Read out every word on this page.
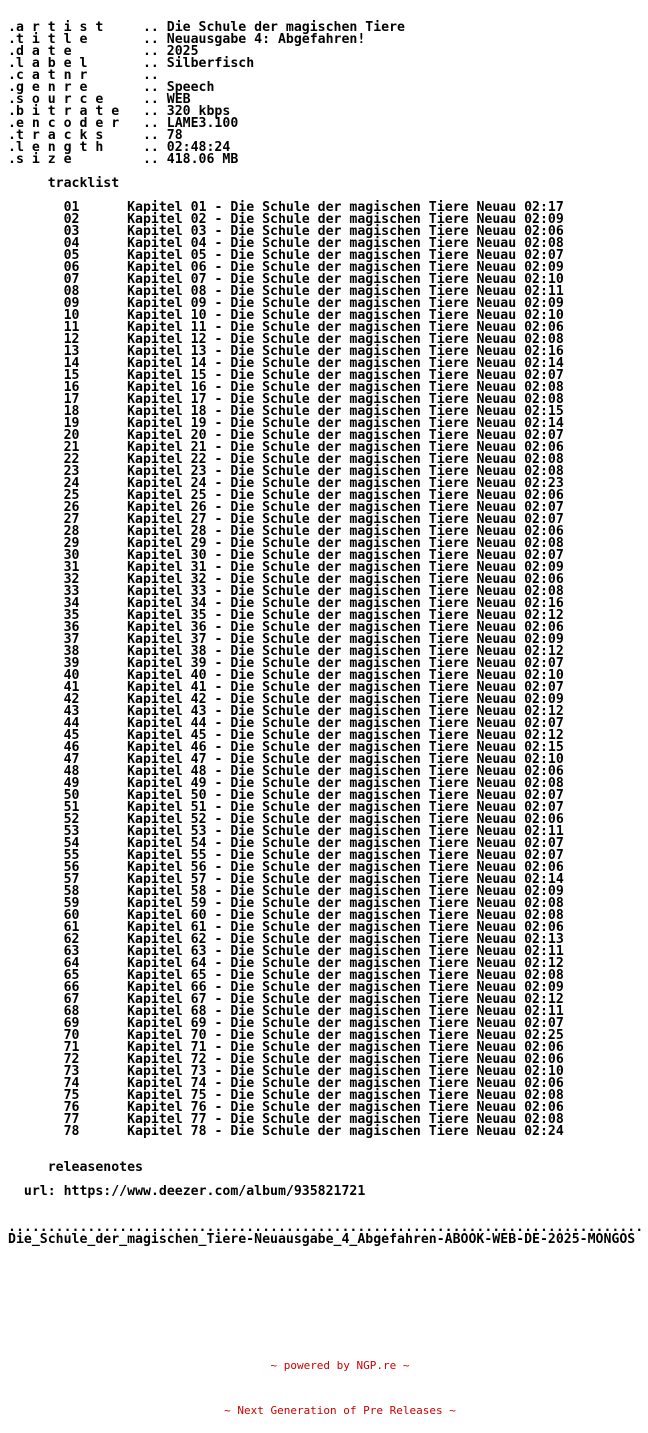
.a r t i s t     .. Die Schule der magischen Tiere
.t i t l e       .. Neuausgabe 4: Abgefahren!
.d a t e         .. 2025
.l a b e l       .. Silberfisch
.c a t n r       ..
.g e n r e       .. Speech
.s o u r c e     .. WEB
.b i t r a t e   .. 320 kbps
.e n c o d e r   .. LAME3.100
.t r a c k s     .. 78
.l e n g t h     .. 02:48:24
.s i z e         .. 418.06 MB

tracklist

01	Kapitel 01 - Die Schule der magischen Tiere Neuau 02:17
02	Kapitel 02 - Die Schule der magischen Tiere Neuau 02:09
03	Kapitel 03 - Die Schule der magischen Tiere Neuau 02:06
04	Kapitel 04 - Die Schule der magischen Tiere Neuau 02:08
05	Kapitel 05 - Die Schule der magischen Tiere Neuau 02:07
06	Kapitel 06 - Die Schule der magischen Tiere Neuau 02:09
07	Kapitel 07 - Die Schule der magischen Tiere Neuau 02:10
08	Kapitel 08 - Die Schule der magischen Tiere Neuau 02:11
09	Kapitel 09 - Die Schule der magischen Tiere Neuau 02:09
10	Kapitel 10 - Die Schule der magischen Tiere Neuau 02:10
11	Kapitel 11 - Die Schule der magischen Tiere Neuau 02:06
12	Kapitel 12 - Die Schule der magischen Tiere Neuau 02:08
13	Kapitel 13 - Die Schule der magischen Tiere Neuau 02:16
14	Kapitel 14 - Die Schule der magischen Tiere Neuau 02:14
15	Kapitel 15 - Die Schule der magischen Tiere Neuau 02:07
16	Kapitel 16 - Die Schule der magischen Tiere Neuau 02:08
17	Kapitel 17 - Die Schule der magischen Tiere Neuau 02:08
18	Kapitel 18 - Die Schule der magischen Tiere Neuau 02:15
19	Kapitel 19 - Die Schule der magischen Tiere Neuau 02:14
20	Kapitel 20 - Die Schule der magischen Tiere Neuau 02:07
21	Kapitel 21 - Die Schule der magischen Tiere Neuau 02:06
22	Kapitel 22 - Die Schule der magischen Tiere Neuau 02:08
23	Kapitel 23 - Die Schule der magischen Tiere Neuau 02:08
24	Kapitel 24 - Die Schule der magischen Tiere Neuau 02:23
25	Kapitel 25 - Die Schule der magischen Tiere Neuau 02:06
26	Kapitel 26 - Die Schule der magischen Tiere Neuau 02:07
27	Kapitel 27 - Die Schule der magischen Tiere Neuau 02:07
28	Kapitel 28 - Die Schule der magischen Tiere Neuau 02:06
29	Kapitel 29 - Die Schule der magischen Tiere Neuau 02:08
30	Kapitel 30 - Die Schule der magischen Tiere Neuau 02:07
31	Kapitel 31 - Die Schule der magischen Tiere Neuau 02:09
32	Kapitel 32 - Die Schule der magischen Tiere Neuau 02:06
33	Kapitel 33 - Die Schule der magischen Tiere Neuau 02:08
34	Kapitel 34 - Die Schule der magischen Tiere Neuau 02:16
35	Kapitel 35 - Die Schule der magischen Tiere Neuau 02:12
36	Kapitel 36 - Die Schule der magischen Tiere Neuau 02:06
37	Kapitel 37 - Die Schule der magischen Tiere Neuau 02:09
38	Kapitel 38 - Die Schule der magischen Tiere Neuau 02:12
39	Kapitel 39 - Die Schule der magischen Tiere Neuau 02:07
40	Kapitel 40 - Die Schule der magischen Tiere Neuau 02:10
41	Kapitel 41 - Die Schule der magischen Tiere Neuau 02:07
42	Kapitel 42 - Die Schule der magischen Tiere Neuau 02:09
43	Kapitel 43 - Die Schule der magischen Tiere Neuau 02:12
44	Kapitel 44 - Die Schule der magischen Tiere Neuau 02:07
45	Kapitel 45 - Die Schule der magischen Tiere Neuau 02:12
46	Kapitel 46 - Die Schule der magischen Tiere Neuau 02:15
47	Kapitel 47 - Die Schule der magischen Tiere Neuau 02:10
48	Kapitel 48 - Die Schule der magischen Tiere Neuau 02:06
49	Kapitel 49 - Die Schule der magischen Tiere Neuau 02:08
50	Kapitel 50 - Die Schule der magischen Tiere Neuau 02:07
51	Kapitel 51 - Die Schule der magischen Tiere Neuau 02:07
52	Kapitel 52 - Die Schule der magischen Tiere Neuau 02:06
53	Kapitel 53 - Die Schule der magischen Tiere Neuau 02:11
54	Kapitel 54 - Die Schule der magischen Tiere Neuau 02:07
55	Kapitel 55 - Die Schule der magischen Tiere Neuau 02:07
56	Kapitel 56 - Die Schule der magischen Tiere Neuau 02:06
57	Kapitel 57 - Die Schule der magischen Tiere Neuau 02:14
58	Kapitel 58 - Die Schule der magischen Tiere Neuau 02:09
59	Kapitel 59 - Die Schule der magischen Tiere Neuau 02:08
60	Kapitel 60 - Die Schule der magischen Tiere Neuau 02:08
61	Kapitel 61 - Die Schule der magischen Tiere Neuau 02:06
62	Kapitel 62 - Die Schule der magischen Tiere Neuau 02:13
63	Kapitel 63 - Die Schule der magischen Tiere Neuau 02:11
64	Kapitel 64 - Die Schule der magischen Tiere Neuau 02:12
65	Kapitel 65 - Die Schule der magischen Tiere Neuau 02:08
66	Kapitel 66 - Die Schule der magischen Tiere Neuau 02:09
67	Kapitel 67 - Die Schule der magischen Tiere Neuau 02:12
68	Kapitel 68 - Die Schule der magischen Tiere Neuau 02:11
69	Kapitel 69 - Die Schule der magischen Tiere Neuau 02:07
70	Kapitel 70 - Die Schule der magischen Tiere Neuau 02:25
71	Kapitel 71 - Die Schule der magischen Tiere Neuau 02:06
72	Kapitel 72 - Die Schule der magischen Tiere Neuau 02:06
73	Kapitel 73 - Die Schule der magischen Tiere Neuau 02:10
74	Kapitel 74 - Die Schule der magischen Tiere Neuau 02:06
75	Kapitel 75 - Die Schule der magischen Tiere Neuau 02:08
76	Kapitel 76 - Die Schule der magischen Tiere Neuau 02:06
77	Kapitel 77 - Die Schule der magischen Tiere Neuau 02:08
78	Kapitel 78 - Die Schule der magischen Tiere Neuau 02:24

releasenotes

url: https://www.deezer.com/album/935821721

................................................................................
Die_Schule_der_magischen_Tiere-Neuausgabe_4_Abgefahren-ABOOK-WEB-DE-2025-MONGOS

~ powered by NGP.re ~

~ Next Generation of Pre Releases ~
